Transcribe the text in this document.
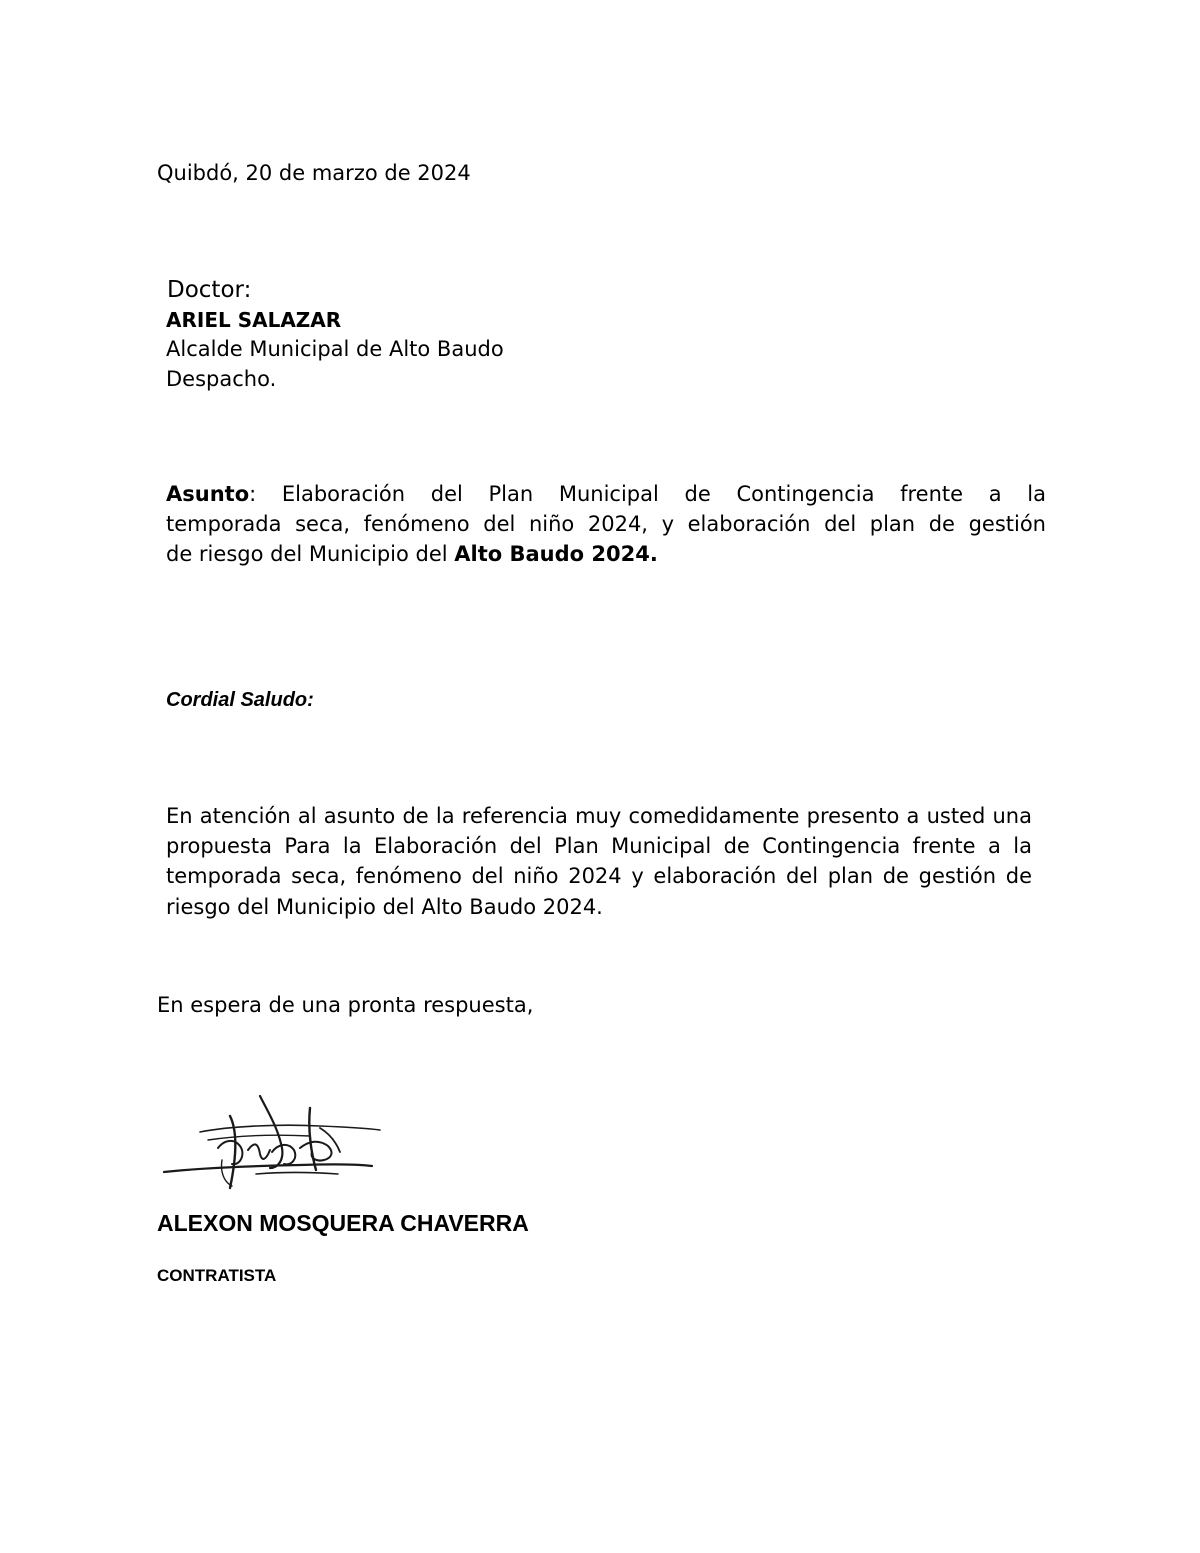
Quibdó, 20 de marzo de 2024
Doctor:
ARIEL SALAZAR
Alcalde Municipal de Alto Baudo
Despacho.
Asunto: Elaboración del Plan Municipal de Contingencia frente a la
temporada seca, fenómeno del niño 2024, y elaboración del plan de gestión
de riesgo del Municipio del Alto Baudo 2024.
Cordial Saludo:
En atención al asunto de la referencia muy comedidamente presento a usted una
propuesta Para la Elaboración del Plan Municipal de Contingencia frente a la
temporada seca, fenómeno del niño 2024 y elaboración del plan de gestión de
riesgo del Municipio del Alto Baudo 2024.
En espera de una pronta respuesta,
ALEXON MOSQUERA CHAVERRA
CONTRATISTA
